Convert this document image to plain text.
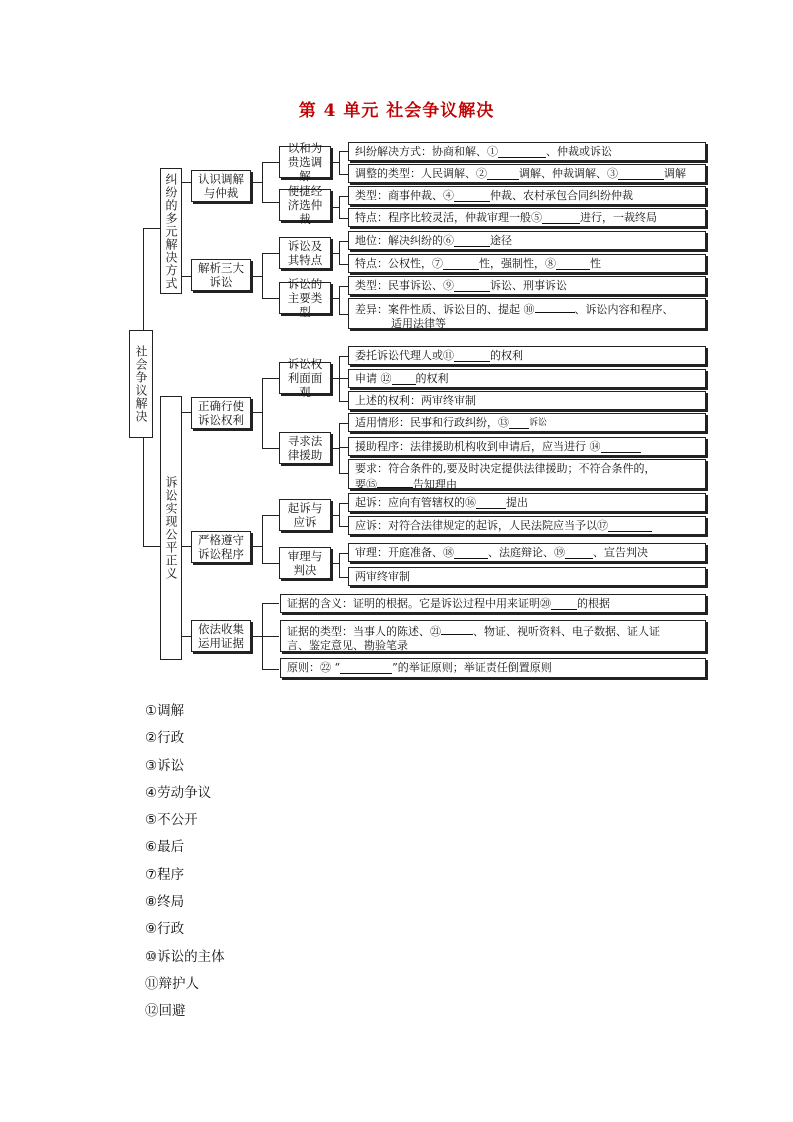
第 4 单元 社会争议解决
社会争议解决
纠纷的多元解决方式
诉讼实现公平正义
认识调解与仲裁
解析三大诉讼
正确行使诉讼权利
严格遵守诉讼程序
依法收集运用证据
以和为贵选调解
便捷经济选仲裁
诉讼及其特点
诉讼的主要类型
诉讼权利面面观
寻求法律援助
起诉与应诉
审理与判决
纠纷解决方式：协商和解、①	、仲裁或诉讼
调整的类型：人民调解、②	调解、仲裁调解、③	调解
类型：商事仲裁、④	仲裁、农村承包合同纠纷仲裁
特点：程序比较灵活，仲裁审理一般⑤	进行，一裁终局
地位：解决纠纷的⑥	途径
特点：公权性，⑦	性，强制性，⑧	性
类型：民事诉讼、⑨	诉讼、刑事诉讼
差异：案件性质、诉讼目的、提起 ⑩	、诉讼内容和程序、
适用法律等
委托诉讼代理人或⑪	的权利
申请 ⑫ 的权利
上述的权利：两审终审制
适用情形：民事和行政纠纷，⑬ 诉讼
援助程序：法律援助机构收到申请后，应当进行 ⑭
要求：符合条件的,要及时决定提供法律援助；不符合条件的，
要⑮	告知理由
起诉：应向有管辖权的⑯	提出
应诉：对符合法律规定的起诉，人民法院应当予以⑰
审理：开庭准备、⑱	、法庭辩论、⑲	、宣告判决
两审终审制
证据的含义：证明的根据。它是诉讼过程中用来证明⑳ 的根据
证据的类型：当事人的陈述、㉑	、物证、视听资料、电子数据、证人证
言、鉴定意见、勘验笔录
原则：㉒ “	”的举证原则；举证责任倒置原则
①调解
②行政
③诉讼
④劳动争议
⑤不公开
⑥最后
⑦程序
⑧终局
⑨行政
⑩诉讼的主体
⑪辩护人
⑫回避
